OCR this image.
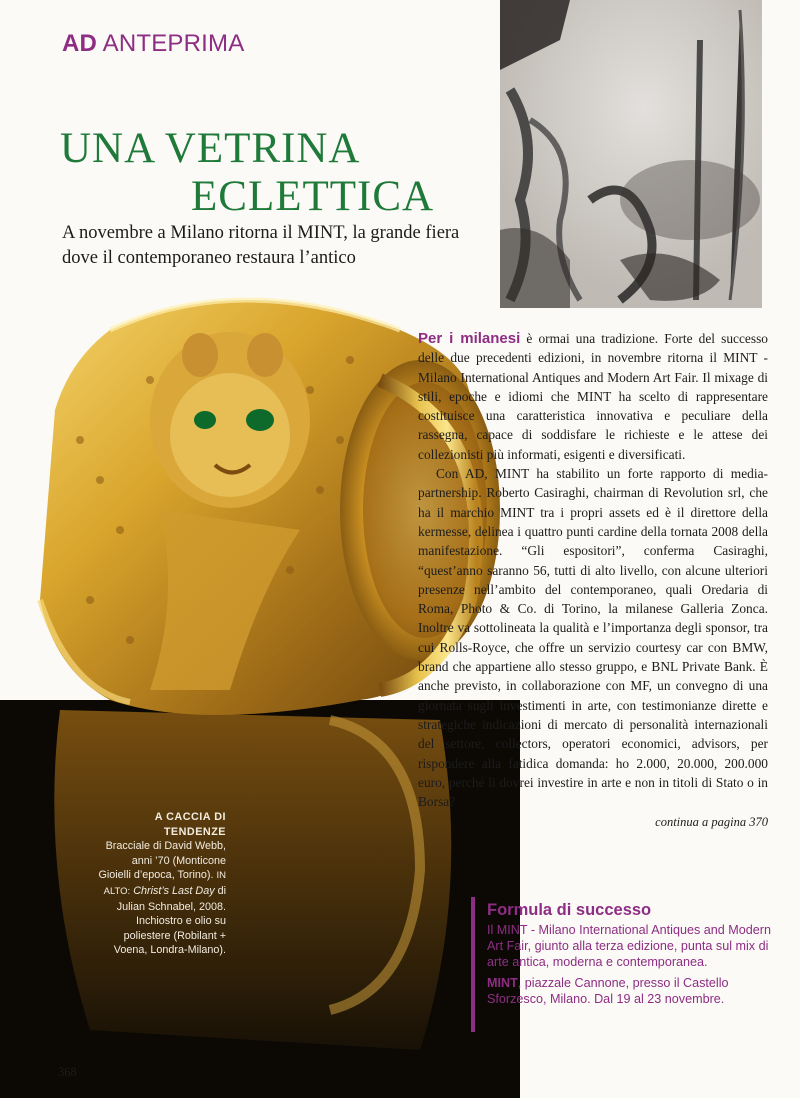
AD ANTEPRIMA
UNA VETRINA
ECLETTICA
A novembre a Milano ritorna il MINT, la grande fiera dove il contemporaneo restaura l’antico
A CACCIA DI TENDENZE
Bracciale di David Webb, anni ’70 (Monticone Gioielli d’epoca, Torino). IN ALTO: Christ’s Last Day di Julian Schnabel, 2008. Inchiostro e olio su poliestere (Robilant + Voena, Londra-Milano).

Per i milanesi è ormai una tradizione. Forte del successo delle due precedenti edizioni, in novembre ritorna il MINT - Milano International Antiques and Modern Art Fair. Il mixage di stili, epoche e idiomi che MINT ha scelto di rappresentare costituisce una caratteristica innovativa e peculiare della rassegna, capace di soddisfare le richieste e le attese dei collezionisti più informati, esigenti e diversificati.

Con AD, MINT ha stabilito un forte rapporto di media-partnership. Roberto Casiraghi, chairman di Revolution srl, che ha il marchio MINT tra i propri assets ed è il direttore della kermesse, delinea i quattro punti cardine della tornata 2008 della manifestazione. “Gli espositori”, conferma Casiraghi, “quest’anno saranno 56, tutti di alto livello, con alcune ulteriori presenze nell’ambito del contemporaneo, quali Oredaria di Roma, Photo & Co. di Torino, la milanese Galleria Zonca. Inoltre va sottolineata la qualità e l’importanza degli sponsor, tra cui Rolls-Royce, che offre un servizio courtesy car con BMW, brand che appartiene allo stesso gruppo, e BNL Private Bank. È anche previsto, in collaborazione con MF, un convegno di una giornata sugli investimenti in arte, con testimonianze dirette e strategiche indicazioni di mercato di personalità internazionali del settore, collectors, operatori economici, advisors, per rispondere alla fatidica domanda: ho 2.000, 20.000, 200.000 euro, perché li dovrei investire in arte e non in titoli di Stato o in Borsa?

continua a pagina 370
Formula di successo
Il MINT - Milano International Antiques and Modern Art Fair, giunto alla terza edizione, punta sul mix di arte antica, moderna e contemporanea.
MINT, piazzale Cannone, presso il Castello Sforzesco, Milano. Dal 19 al 23 novembre.
368
